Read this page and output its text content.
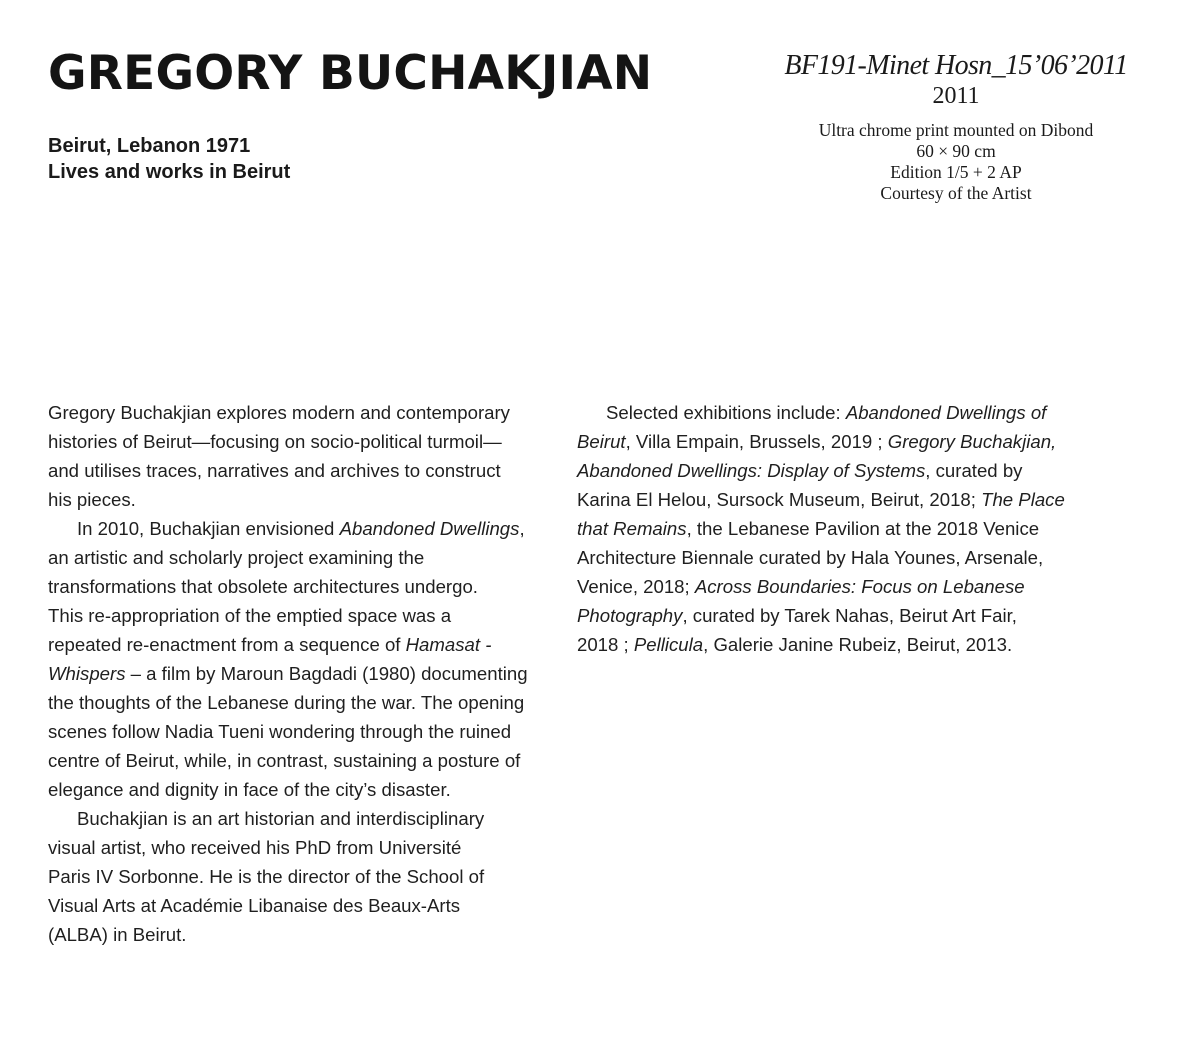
GREGORY BUCHAKJIAN
Beirut, Lebanon 1971
Lives and works in Beirut
BF191-Minet Hosn_15’06’2011
2011
Ultra chrome print mounted on Dibond
60 × 90 cm
Edition 1/5 + 2 AP
Courtesy of the Artist

Gregory Buchakjian explores modern and contemporary
histories of Beirut—focusing on socio-political turmoil—
and utilises traces, narratives and archives to construct
his pieces.

In 2010, Buchakjian envisioned Abandoned Dwellings,
an artistic and scholarly project examining the
transformations that obsolete architectures undergo.
This re-appropriation of the emptied space was a
repeated re-enactment from a sequence of Hamasat -
Whispers – a film by Maroun Bagdadi (1980) documenting
the thoughts of the Lebanese during the war. The opening
scenes follow Nadia Tueni wondering through the ruined
centre of Beirut, while, in contrast, sustaining a posture of
elegance and dignity in face of the city’s disaster.

Buchakjian is an art historian and interdisciplinary
visual artist, who received his PhD from Université
Paris IV Sorbonne. He is the director of the School of
Visual Arts at Académie Libanaise des Beaux-Arts
(ALBA) in Beirut.

Selected exhibitions include: Abandoned Dwellings of
Beirut, Villa Empain, Brussels, 2019 ; Gregory Buchakjian,
Abandoned Dwellings: Display of Systems, curated by
Karina El Helou, Sursock Museum, Beirut, 2018; The Place
that Remains, the Lebanese Pavilion at the 2018 Venice
Architecture Biennale curated by Hala Younes, Arsenale,
Venice, 2018; Across Boundaries: Focus on Lebanese
Photography, curated by Tarek Nahas, Beirut Art Fair,
2018 ; Pellicula, Galerie Janine Rubeiz, Beirut, 2013.
